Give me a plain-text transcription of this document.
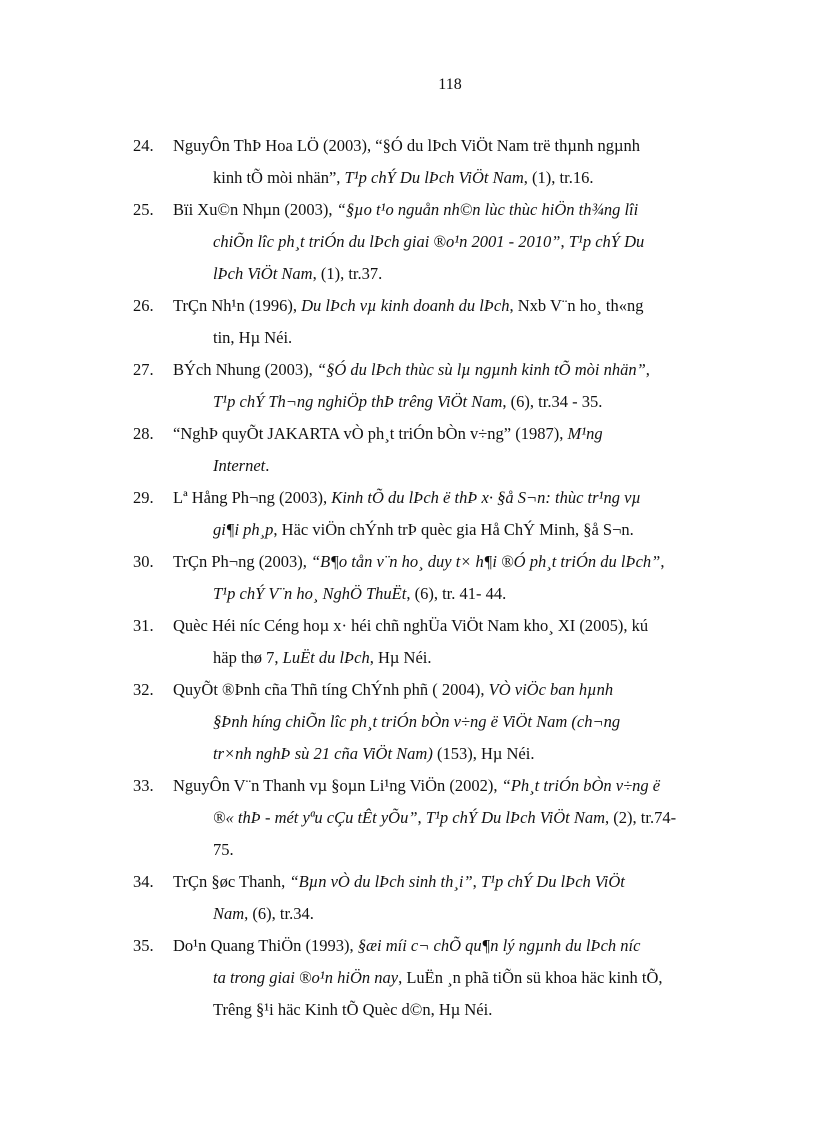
118
24. NguyÔn ThÞ Hoa LÖ (2003), “§Ó du lÞch ViÖt Nam trë thµnh ngµnh
kinh tÕ mòi nhän”, T¹p chÝ Du lÞch ViÖt Nam, (1), tr.16.
25. Bïi Xu©n Nhµn (2003), “§µo t¹o nguån nh©n lùc thùc hiÖn th¾ng lîi
chiÕn lîc ph¸t triÓn du lÞch giai ®o¹n 2001 - 2010”, T¹p chÝ Du
lÞch ViÖt Nam, (1), tr.37.
26. TrÇn Nh¹n (1996), Du lÞch vµ kinh doanh du lÞch, Nxb V¨n ho¸ th«ng
tin, Hµ Néi.
27. BÝch Nhung (2003), “§Ó du lÞch thùc sù lµ ngµnh kinh tÕ mòi nhän”,
T¹p chÝ Th¬ng nghiÖp thÞ trêng ViÖt Nam, (6), tr.34 - 35.
28. “NghÞ quyÕt JAKARTA vÒ ph¸t triÓn bÒn v÷ng” (1987), M¹ng
Internet.
29. Lª Hång Ph¬ng (2003), Kinh tÕ du lÞch ë thÞ x· §å S¬n: thùc tr¹ng vµ
gi¶i ph¸p, Häc viÖn chÝnh trÞ quèc gia Hå ChÝ Minh, §å S¬n.
30. TrÇn Ph¬ng (2003), “B¶o tån v¨n ho¸ duy t× h¶i ®Ó ph¸t triÓn du lÞch”,
T¹p chÝ V¨n ho¸ NghÖ ThuËt, (6), tr. 41- 44.
31. Quèc Héi níc Céng hoµ x· héi chñ nghÜa ViÖt Nam kho¸ XI (2005), kú
häp thø 7, LuËt du lÞch, Hµ Néi.
32. QuyÕt ®Þnh cña Thñ tíng ChÝnh phñ ( 2004), VÒ viÖc ban hµnh
§Þnh híng chiÕn lîc ph¸t triÓn bÒn v÷ng ë ViÖt Nam (ch¬ng
tr×nh nghÞ sù 21 cña ViÖt Nam) (153), Hµ Néi.
33. NguyÔn V¨n Thanh vµ §oµn Li¹ng ViÖn (2002), “Ph¸t triÓn bÒn v÷ng ë
®« thÞ - mét yªu cÇu tÊt yÕu”, T¹p chÝ Du lÞch ViÖt Nam, (2), tr.74-
75.
34. TrÇn §øc Thanh, “Bµn vÒ du lÞch sinh th¸i”, T¹p chÝ Du lÞch ViÖt
Nam, (6), tr.34.
35. Do¹n Quang ThiÖn (1993), §æi míi c¬ chÕ qu¶n lý ngµnh du lÞch níc
ta trong giai ®o¹n hiÖn nay, LuËn ¸n phã tiÕn sü khoa häc kinh tÕ,
Trêng §¹i häc Kinh tÕ Quèc d©n, Hµ Néi.
